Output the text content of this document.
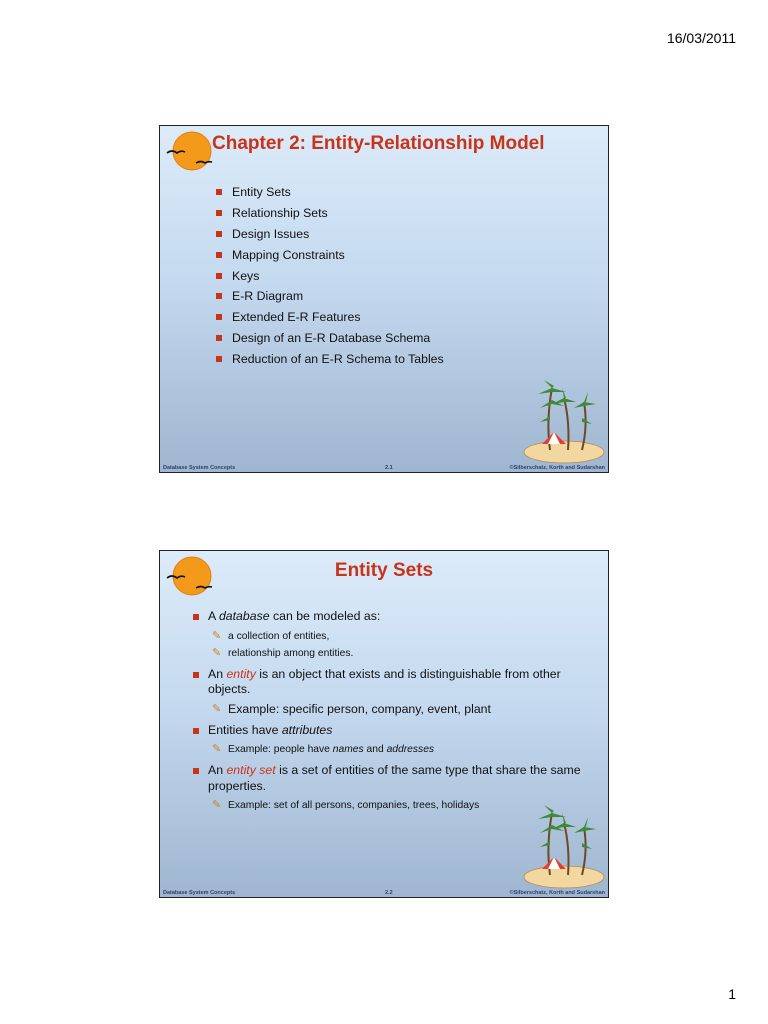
16/03/2011
Chapter 2: Entity-Relationship Model
Entity Sets
Relationship Sets
Design Issues
Mapping Constraints
Keys
E-R Diagram
Extended E-R Features
Design of an E-R Database Schema
Reduction of an E-R Schema to Tables
Database System Concepts	2.1	©Silberschatz, Korth and Sudarshan
Entity Sets
A database can be modeled as:
✎ a collection of entities,
✎ relationship among entities.
An entity is an object that exists and is distinguishable from other objects.
✎ Example: specific person, company, event, plant
Entities have attributes
✎ Example: people have names and addresses
An entity set is a set of entities of the same type that share the same properties.
✎ Example: set of all persons, companies, trees, holidays
Database System Concepts	2.2	©Silberschatz, Korth and Sudarshan
1
